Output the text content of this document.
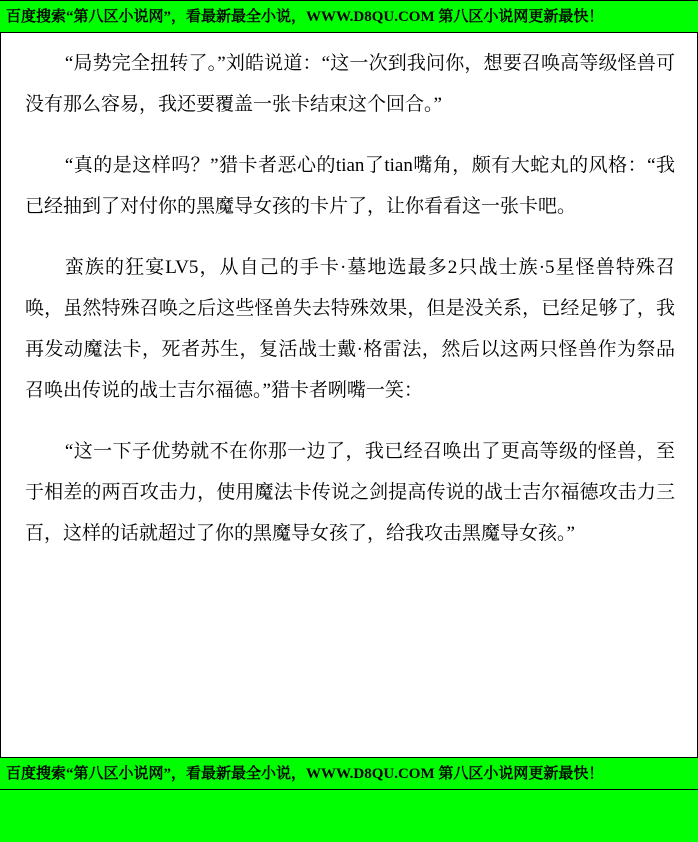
百度搜索“第八区小说网”，看最新最全小说，WWW.D8QU.COM 第八区小说网更新最快！

“局势完全扭转了。”刘皓说道：“这一次到我问你，想要召唤高等级怪兽可没有那么容易，我还要覆盖一张卡结束这个回合。”

“真的是这样吗？”猎卡者恶心的tian了tian嘴角，颇有大蛇丸的风格：“我已经抽到了对付你的黑魔导女孩的卡片了，让你看看这一张卡吧。

蛮族的狂宴LV5，从自己的手卡·墓地选最多2只战士族·5星怪兽特殊召唤，虽然特殊召唤之后这些怪兽失去特殊效果，但是没关系，已经足够了，我再发动魔法卡，死者苏生，复活战士戴·格雷法，然后以这两只怪兽作为祭品召唤出传说的战士吉尔福德。”猎卡者咧嘴一笑：

“这一下子优势就不在你那一边了，我已经召唤出了更高等级的怪兽，至于相差的两百攻击力，使用魔法卡传说之剑提高传说的战士吉尔福德攻击力三百，这样的话就超过了你的黑魔导女孩了，给我攻击黑魔导女孩。”

百度搜索“第八区小说网”，看最新最全小说，WWW.D8QU.COM 第八区小说网更新最快！
